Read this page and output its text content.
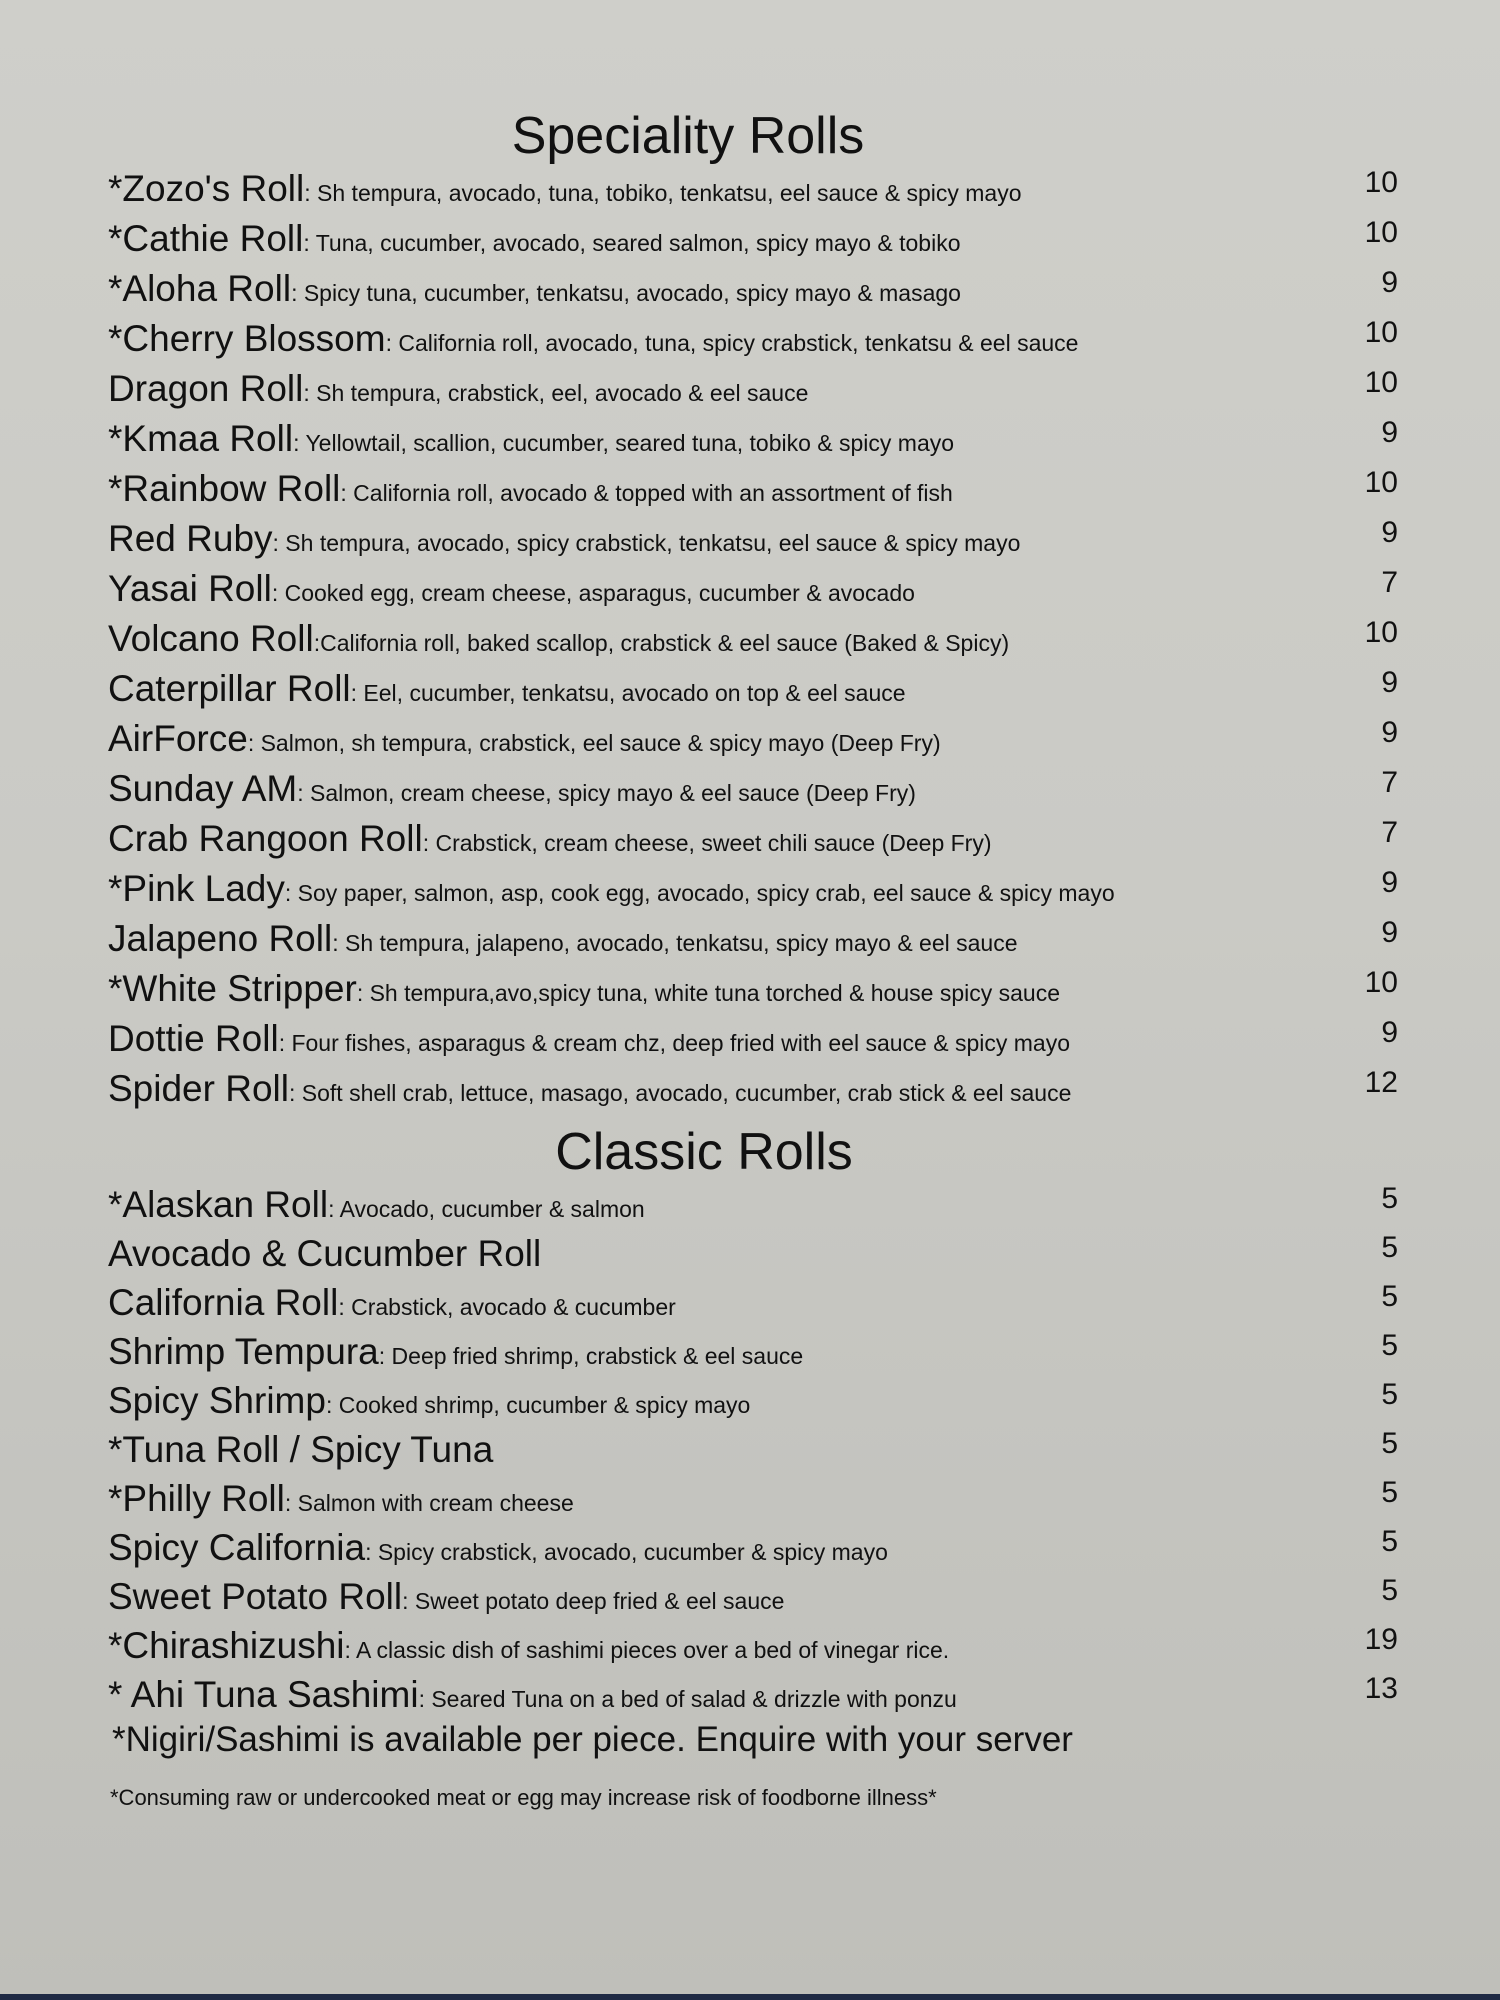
Speciality Rolls
*Zozo's Roll: Sh tempura, avocado, tuna, tobiko, tenkatsu, eel sauce & spicy mayo	10
*Cathie Roll: Tuna, cucumber, avocado, seared salmon, spicy mayo & tobiko	10
*Aloha Roll: Spicy tuna, cucumber, tenkatsu, avocado, spicy mayo & masago	9
*Cherry Blossom: California roll, avocado, tuna, spicy crabstick, tenkatsu & eel sauce	10
Dragon Roll: Sh tempura, crabstick, eel, avocado & eel sauce	10
*Kmaa Roll: Yellowtail, scallion, cucumber, seared tuna, tobiko & spicy mayo	9
*Rainbow Roll: California roll, avocado & topped with an assortment of fish	10
Red Ruby: Sh tempura, avocado, spicy crabstick, tenkatsu, eel sauce & spicy mayo	9
Yasai Roll: Cooked egg, cream cheese, asparagus, cucumber & avocado	7
Volcano Roll:California roll, baked scallop, crabstick & eel sauce (Baked & Spicy)	10
Caterpillar Roll: Eel, cucumber, tenkatsu, avocado on top & eel sauce	9
AirForce: Salmon, sh tempura, crabstick, eel sauce & spicy mayo (Deep Fry)	9
Sunday AM: Salmon, cream cheese, spicy mayo & eel sauce (Deep Fry)	7
Crab Rangoon Roll: Crabstick, cream cheese, sweet chili sauce (Deep Fry)	7
*Pink Lady: Soy paper, salmon, asp, cook egg, avocado, spicy crab, eel sauce & spicy mayo	9
Jalapeno Roll: Sh tempura, jalapeno, avocado, tenkatsu, spicy mayo & eel sauce	9
*White Stripper: Sh tempura,avo,spicy tuna, white tuna torched & house spicy sauce	10
Dottie Roll: Four fishes, asparagus & cream chz, deep fried with eel sauce & spicy mayo	9
Spider Roll: Soft shell crab, lettuce, masago, avocado, cucumber, crab stick & eel sauce	12
Classic Rolls
*Alaskan Roll: Avocado, cucumber & salmon	5
Avocado & Cucumber Roll	5
California Roll: Crabstick, avocado & cucumber	5
Shrimp Tempura: Deep fried shrimp, crabstick & eel sauce	5
Spicy Shrimp: Cooked shrimp, cucumber & spicy mayo	5
*Tuna Roll / Spicy Tuna	5
*Philly Roll: Salmon with cream cheese	5
Spicy California: Spicy crabstick, avocado, cucumber & spicy mayo	5
Sweet Potato Roll: Sweet potato deep fried & eel sauce	5
*Chirashizushi: A classic dish of sashimi pieces over a bed of vinegar rice.	19
* Ahi Tuna Sashimi: Seared Tuna on a bed of salad & drizzle with ponzu	13
*Nigiri/Sashimi is available per piece. Enquire with your server
*Consuming raw or undercooked meat or egg may increase risk of foodborne illness*
